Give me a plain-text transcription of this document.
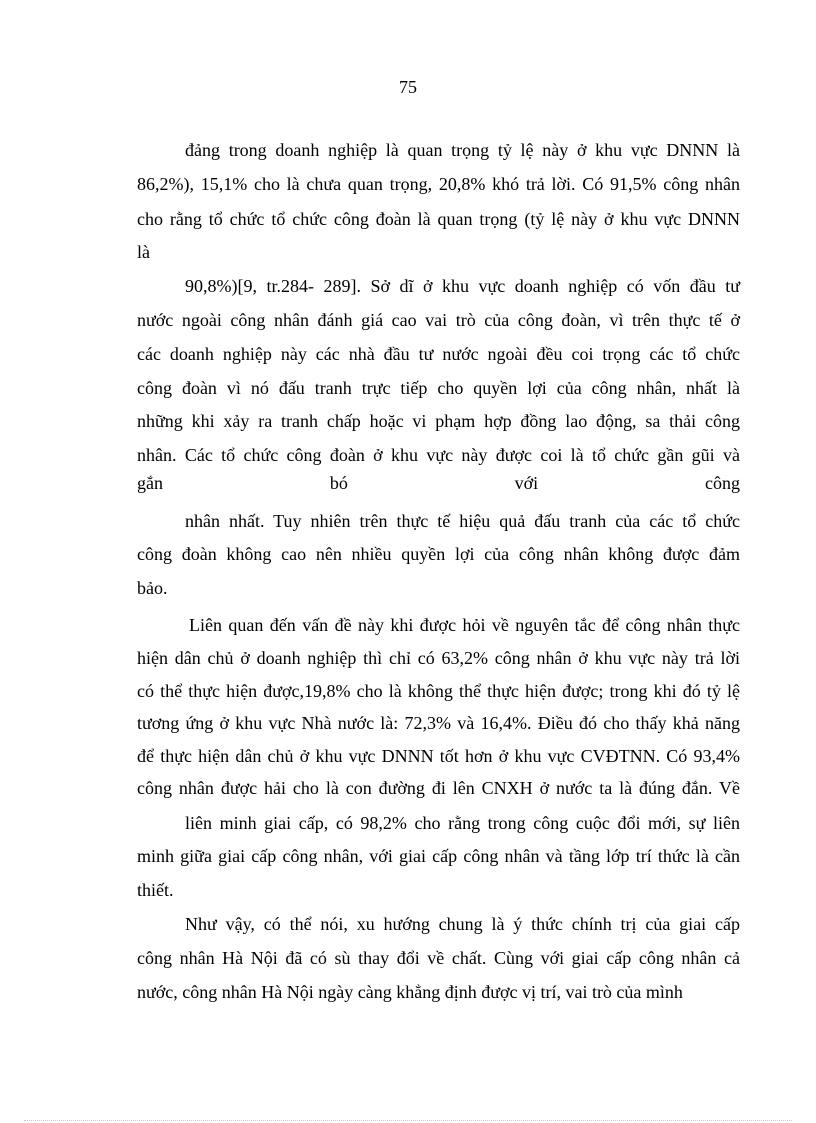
75
đảng trong doanh nghiệp là quan trọng tỷ lệ này ở khu vực DNNN là
86,2%), 15,1% cho là chưa quan trọng, 20,8% khó trả lời. Có 91,5% công nhân
cho rằng tổ chức tổ chức công đoàn là quan trọng (tỷ lệ này ở khu vực DNNN
là
90,8%)[9, tr.284- 289]. Sở dĩ ở khu vực doanh nghiệp có vốn đầu tư
nước ngoài công nhân đánh giá cao vai trò của công đoàn, vì trên thực tế ở
các doanh nghiệp này các nhà đầu tư nước ngoài đều coi trọng các tổ chức
công đoàn vì nó đấu tranh trực tiếp cho quyền lợi của công nhân, nhất là
những khi xảy ra tranh chấp hoặc vi phạm hợp đồng lao động, sa thải công
nhân. Các tổ chức công đoàn ở khu vực này được coi là tổ chức gần gũi và
gắn bó với công
nhân nhất. Tuy nhiên trên thực tế hiệu quả đấu tranh của các tổ chức
công đoàn không cao nên nhiều quyền lợi của công nhân không được đảm
bảo.
Liên quan đến vấn đề này khi được hỏi về nguyên tắc để công nhân thực
hiện dân chủ ở doanh nghiệp thì chỉ có 63,2% công nhân ở khu vực này trả lời
có thể thực hiện được,19,8% cho là không thể thực hiện được; trong khi đó tỷ lệ
tương ứng ở khu vực Nhà nước là: 72,3% và 16,4%. Điều đó cho thấy khả năng
để thực hiện dân chủ ở khu vực DNNN tốt hơn ở khu vực CVĐTNN. Có 93,4%
công nhân được hải cho là con đường đi lên CNXH ở nước ta là đúng đắn. Về
liên minh giai cấp, có 98,2% cho rằng trong công cuộc đổi mới, sự liên
minh giữa giai cấp công nhân, với giai cấp công nhân và tầng lớp trí thức là cần
thiết.
Như vậy, có thể nói, xu hướng chung là ý thức chính trị của giai cấp
công nhân Hà Nội đã có sù thay đổi về chất. Cùng với giai cấp công nhân cả
nước, công nhân Hà Nội ngày càng khẳng định được vị trí, vai trò của mình
